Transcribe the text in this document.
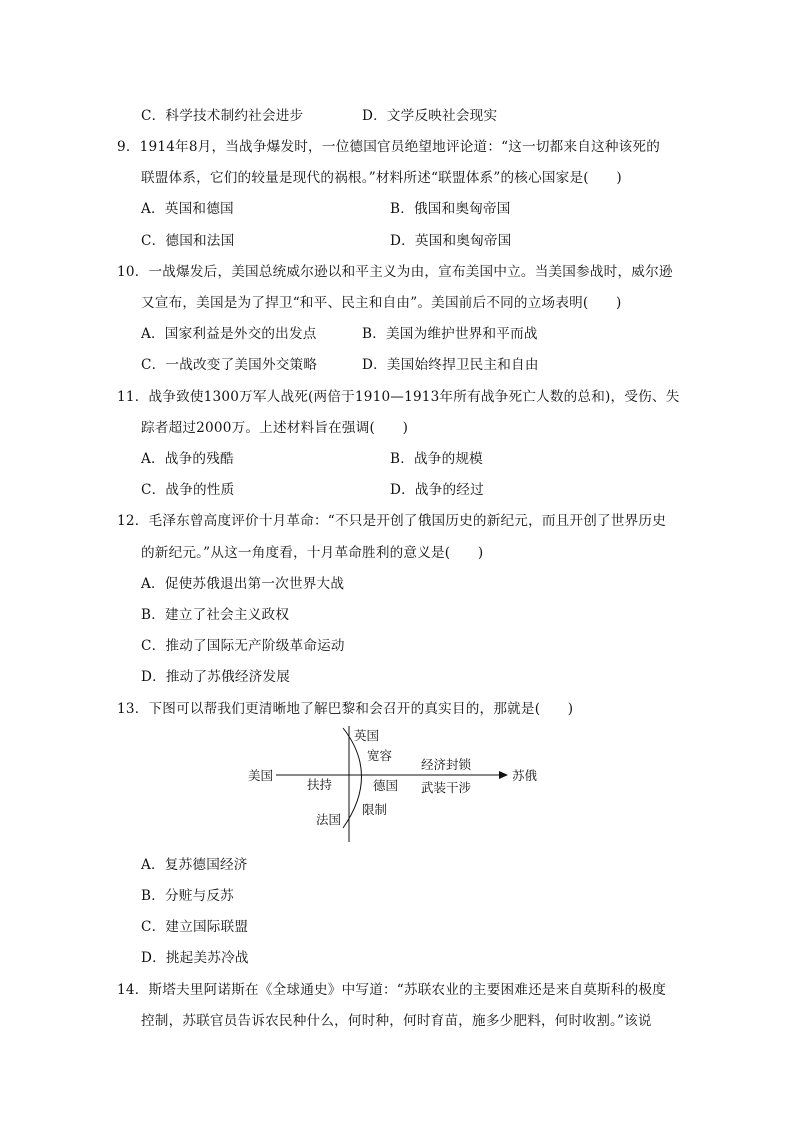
C．科学技术制约社会进步	D．文学反映社会现实
9．1914年8月，当战争爆发时，一位德国官员绝望地评论道：“这一切都来自这种该死的
联盟体系，它们的较量是现代的祸根。”材料所述“联盟体系”的核心国家是(　　)
A．英国和德国	B．俄国和奥匈帝国
C．德国和法国	D．英国和奥匈帝国
10．一战爆发后，美国总统威尔逊以和平主义为由，宣布美国中立。当美国参战时，威尔逊
又宣布，美国是为了捍卫“和平、民主和自由”。美国前后不同的立场表明(　　)
A．国家利益是外交的出发点	B．美国为维护世界和平而战
C．一战改变了美国外交策略	D．美国始终捍卫民主和自由
11．战争致使1300万军人战死(两倍于1910—1913年所有战争死亡人数的总和)，受伤、失
踪者超过2000万。上述材料旨在强调(　　)
A．战争的残酷	B．战争的规模
C．战争的性质	D．战争的经过
12．毛泽东曾高度评价十月革命：“不只是开创了俄国历史的新纪元，而且开创了世界历史
的新纪元。”从这一角度看，十月革命胜利的意义是(　　)
A．促使苏俄退出第一次世界大战
B．建立了社会主义政权
C．推动了国际无产阶级革命运动
D．推动了苏俄经济发展
13．下图可以帮我们更清晰地了解巴黎和会召开的真实目的，那就是(　　)
美国	苏俄
英国
宽容
扶持	德国
限制
法国
经济封锁
武装干涉
A．复苏德国经济
B．分赃与反苏
C．建立国际联盟
D．挑起美苏冷战
14．斯塔夫里阿诺斯在《全球通史》中写道：“苏联农业的主要困难还是来自莫斯科的极度
控制，苏联官员告诉农民种什么，何时种，何时育苗，施多少肥料，何时收割。”该说
